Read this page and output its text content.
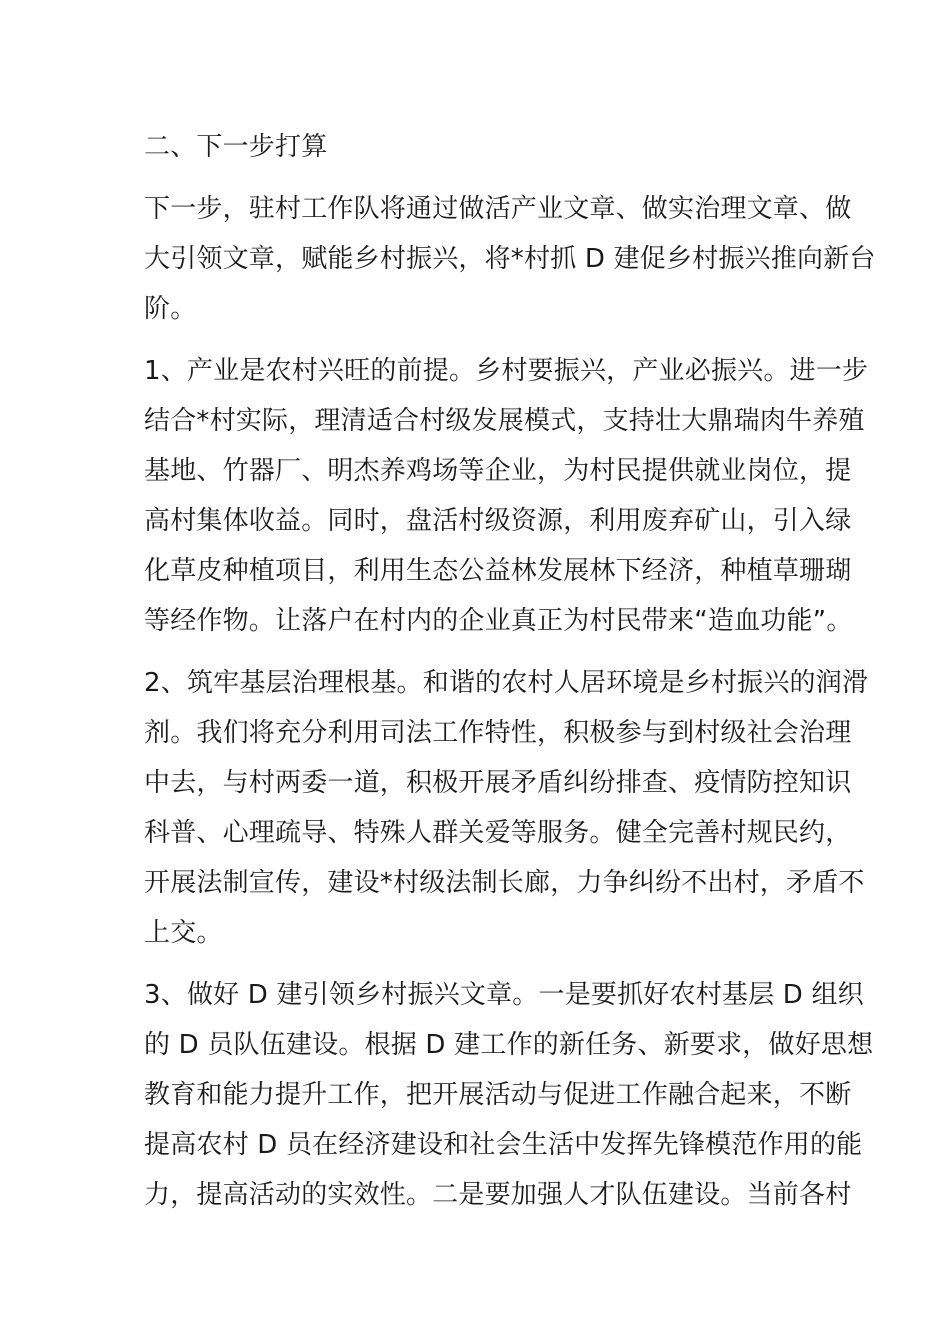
二、下一步打算
下一步，驻村工作队将通过做活产业文章、做实治理文章、做
大引领文章，赋能乡村振兴，将*村抓 D 建促乡村振兴推向新台
阶。
1、产业是农村兴旺的前提。乡村要振兴，产业必振兴。进一步
结合*村实际，理清适合村级发展模式，支持壮大鼎瑞肉牛养殖
基地、竹器厂、明杰养鸡场等企业，为村民提供就业岗位，提
高村集体收益。同时，盘活村级资源，利用废弃矿山，引入绿
化草皮种植项目，利用生态公益林发展林下经济，种植草珊瑚
等经作物。让落户在村内的企业真正为村民带来“造血功能”。
2、筑牢基层治理根基。和谐的农村人居环境是乡村振兴的润滑
剂。我们将充分利用司法工作特性，积极参与到村级社会治理
中去，与村两委一道，积极开展矛盾纠纷排查、疫情防控知识
科普、心理疏导、特殊人群关爱等服务。健全完善村规民约，
开展法制宣传，建设*村级法制长廊，力争纠纷不出村，矛盾不
上交。
3、做好 D 建引领乡村振兴文章。一是要抓好农村基层 D 组织
的 D 员队伍建设。根据 D 建工作的新任务、新要求，做好思想
教育和能力提升工作，把开展活动与促进工作融合起来，不断
提高农村 D 员在经济建设和社会生活中发挥先锋模范作用的能
力，提高活动的实效性。二是要加强人才队伍建设。当前各村
